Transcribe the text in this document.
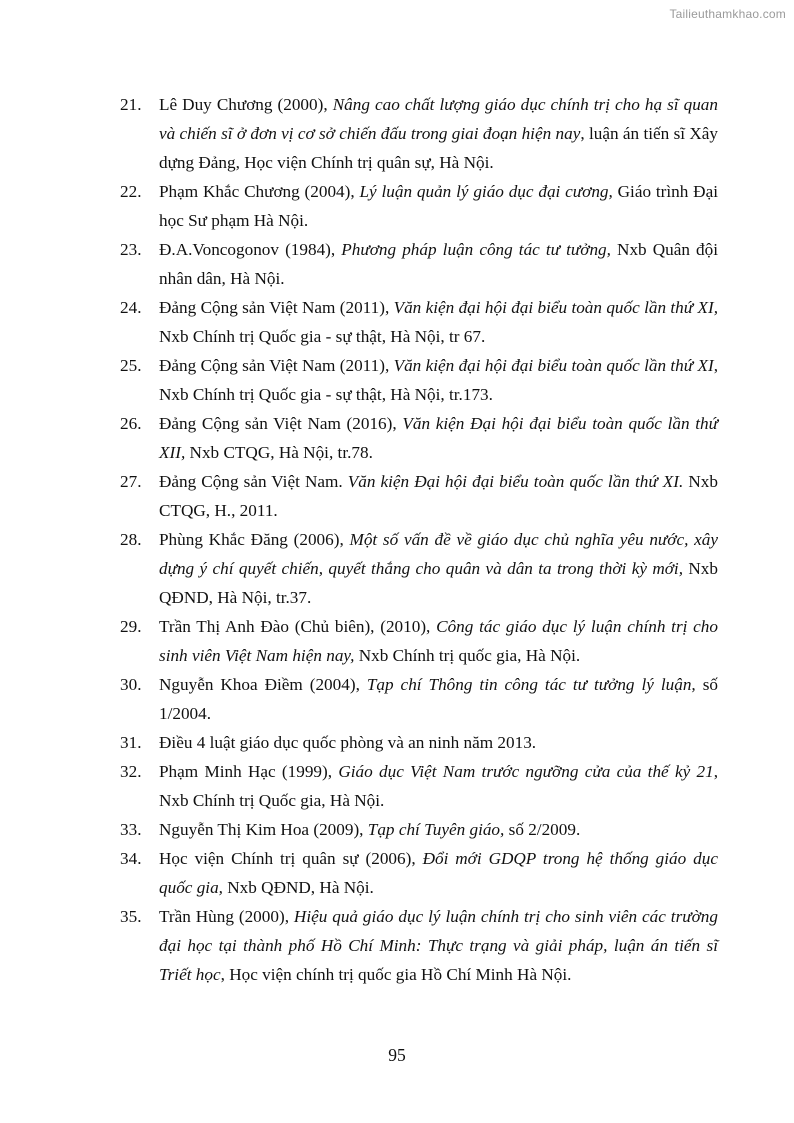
Tailieuthamkhao.com
21.	Lê Duy Chương (2000), Nâng cao chất lượng giáo dục chính trị cho hạ sĩ quan và chiến sĩ ở đơn vị cơ sở chiến đấu trong giai đoạn hiện nay, luận án tiến sĩ Xây dựng Đảng, Học viện Chính trị quân sự, Hà Nội.
22.	Phạm Khắc Chương (2004), Lý luận quản lý giáo dục đại cương, Giáo trình Đại học Sư phạm Hà Nội.
23.	Đ.A.Voncogonov (1984), Phương pháp luận công tác tư tưởng, Nxb Quân đội nhân dân, Hà Nội.
24.	Đảng Cộng sản Việt Nam (2011), Văn kiện đại hội đại biểu toàn quốc lần thứ XI, Nxb Chính trị Quốc gia - sự thật, Hà Nội, tr 67.
25.	Đảng Cộng sản Việt Nam (2011), Văn kiện đại hội đại biểu toàn quốc lần thứ XI, Nxb Chính trị Quốc gia - sự thật, Hà Nội, tr.173.
26.	Đảng Cộng sản Việt Nam (2016), Văn kiện Đại hội đại biểu toàn quốc lần thứ XII, Nxb CTQG, Hà Nội, tr.78.
27.	Đảng Cộng sản Việt Nam. Văn kiện Đại hội đại biểu toàn quốc lần thứ XI. Nxb CTQG, H., 2011.
28.	Phùng Khắc Đăng (2006), Một số vấn đề về giáo dục chủ nghĩa yêu nước, xây dựng ý chí quyết chiến, quyết thắng cho quân và dân ta trong thời kỳ mới, Nxb QĐND, Hà Nội, tr.37.
29.	Trần Thị Anh Đào (Chủ biên), (2010), Công tác giáo dục lý luận chính trị cho sinh viên Việt Nam hiện nay, Nxb Chính trị quốc gia, Hà Nội.
30.	Nguyễn Khoa Điềm (2004), Tạp chí Thông tin công tác tư tưởng lý luận, số 1/2004.
31.	Điều 4 luật giáo dục quốc phòng và an ninh năm 2013.
32.	Phạm Minh Hạc (1999), Giáo dục Việt Nam trước ngưỡng cửa của thế kỷ 21, Nxb Chính trị Quốc gia, Hà Nội.
33.	Nguyễn Thị Kim Hoa (2009), Tạp chí Tuyên giáo, số 2/2009.
34.	Học viện Chính trị quân sự (2006), Đổi mới GDQP trong hệ thống giáo dục quốc gia, Nxb QĐND, Hà Nội.
35.	Trần Hùng (2000), Hiệu quả giáo dục lý luận chính trị cho sinh viên các trường đại học tại thành phố Hồ Chí Minh: Thực trạng và giải pháp, luận án tiến sĩ Triết học, Học viện chính trị quốc gia Hồ Chí Minh Hà Nội.
95
